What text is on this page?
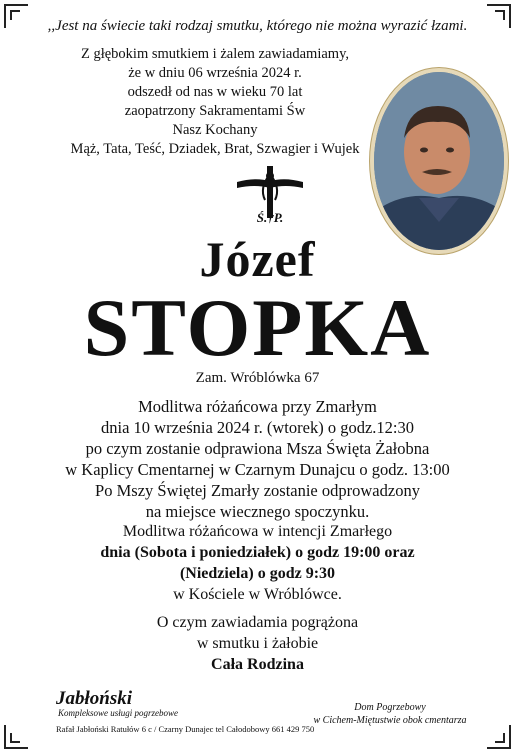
,,Jest na świecie taki rodzaj smutku, którego nie można wyrazić łzami.
Z głębokim smutkiem i żalem zawiadamiamy,
że w dniu 06 września 2024 r.
odszedł od nas w wieku 70 lat
zaopatrzony Sakramentami Św
Nasz Kochany
Mąż, Tata, Teść, Dziadek, Brat, Szwagier i Wujek
Ś.†P.
Józef
STOPKA
Zam. Wróblówka 67
Modlitwa różańcowa przy Zmarłym
dnia 10 września 2024 r. (wtorek) o godz.12:30
po czym zostanie odprawiona Msza Święta Żałobna
w Kaplicy Cmentarnej w Czarnym Dunajcu o godz. 13:00
Po Mszy Świętej Zmarły zostanie odprowadzony
na miejsce wiecznego spoczynku.
Modlitwa różańcowa w intencji Zmarłego
dnia (Sobota i poniedziałek) o godz 19:00 oraz
(Niedziela) o godz 9:30
w Kościele w Wróblówce.
O czym zawiadamia pogrążona
w smutku i żałobie
Cała Rodzina
Jabłoński
Kompleksowe usługi pogrzebowe
Rafał Jabłoński Ratułów 6 c / Czarny Dunajec tel Całodobowy 661 429 750
Dom Pogrzebowy
w Cichem-Miętustwie obok cmentarza
